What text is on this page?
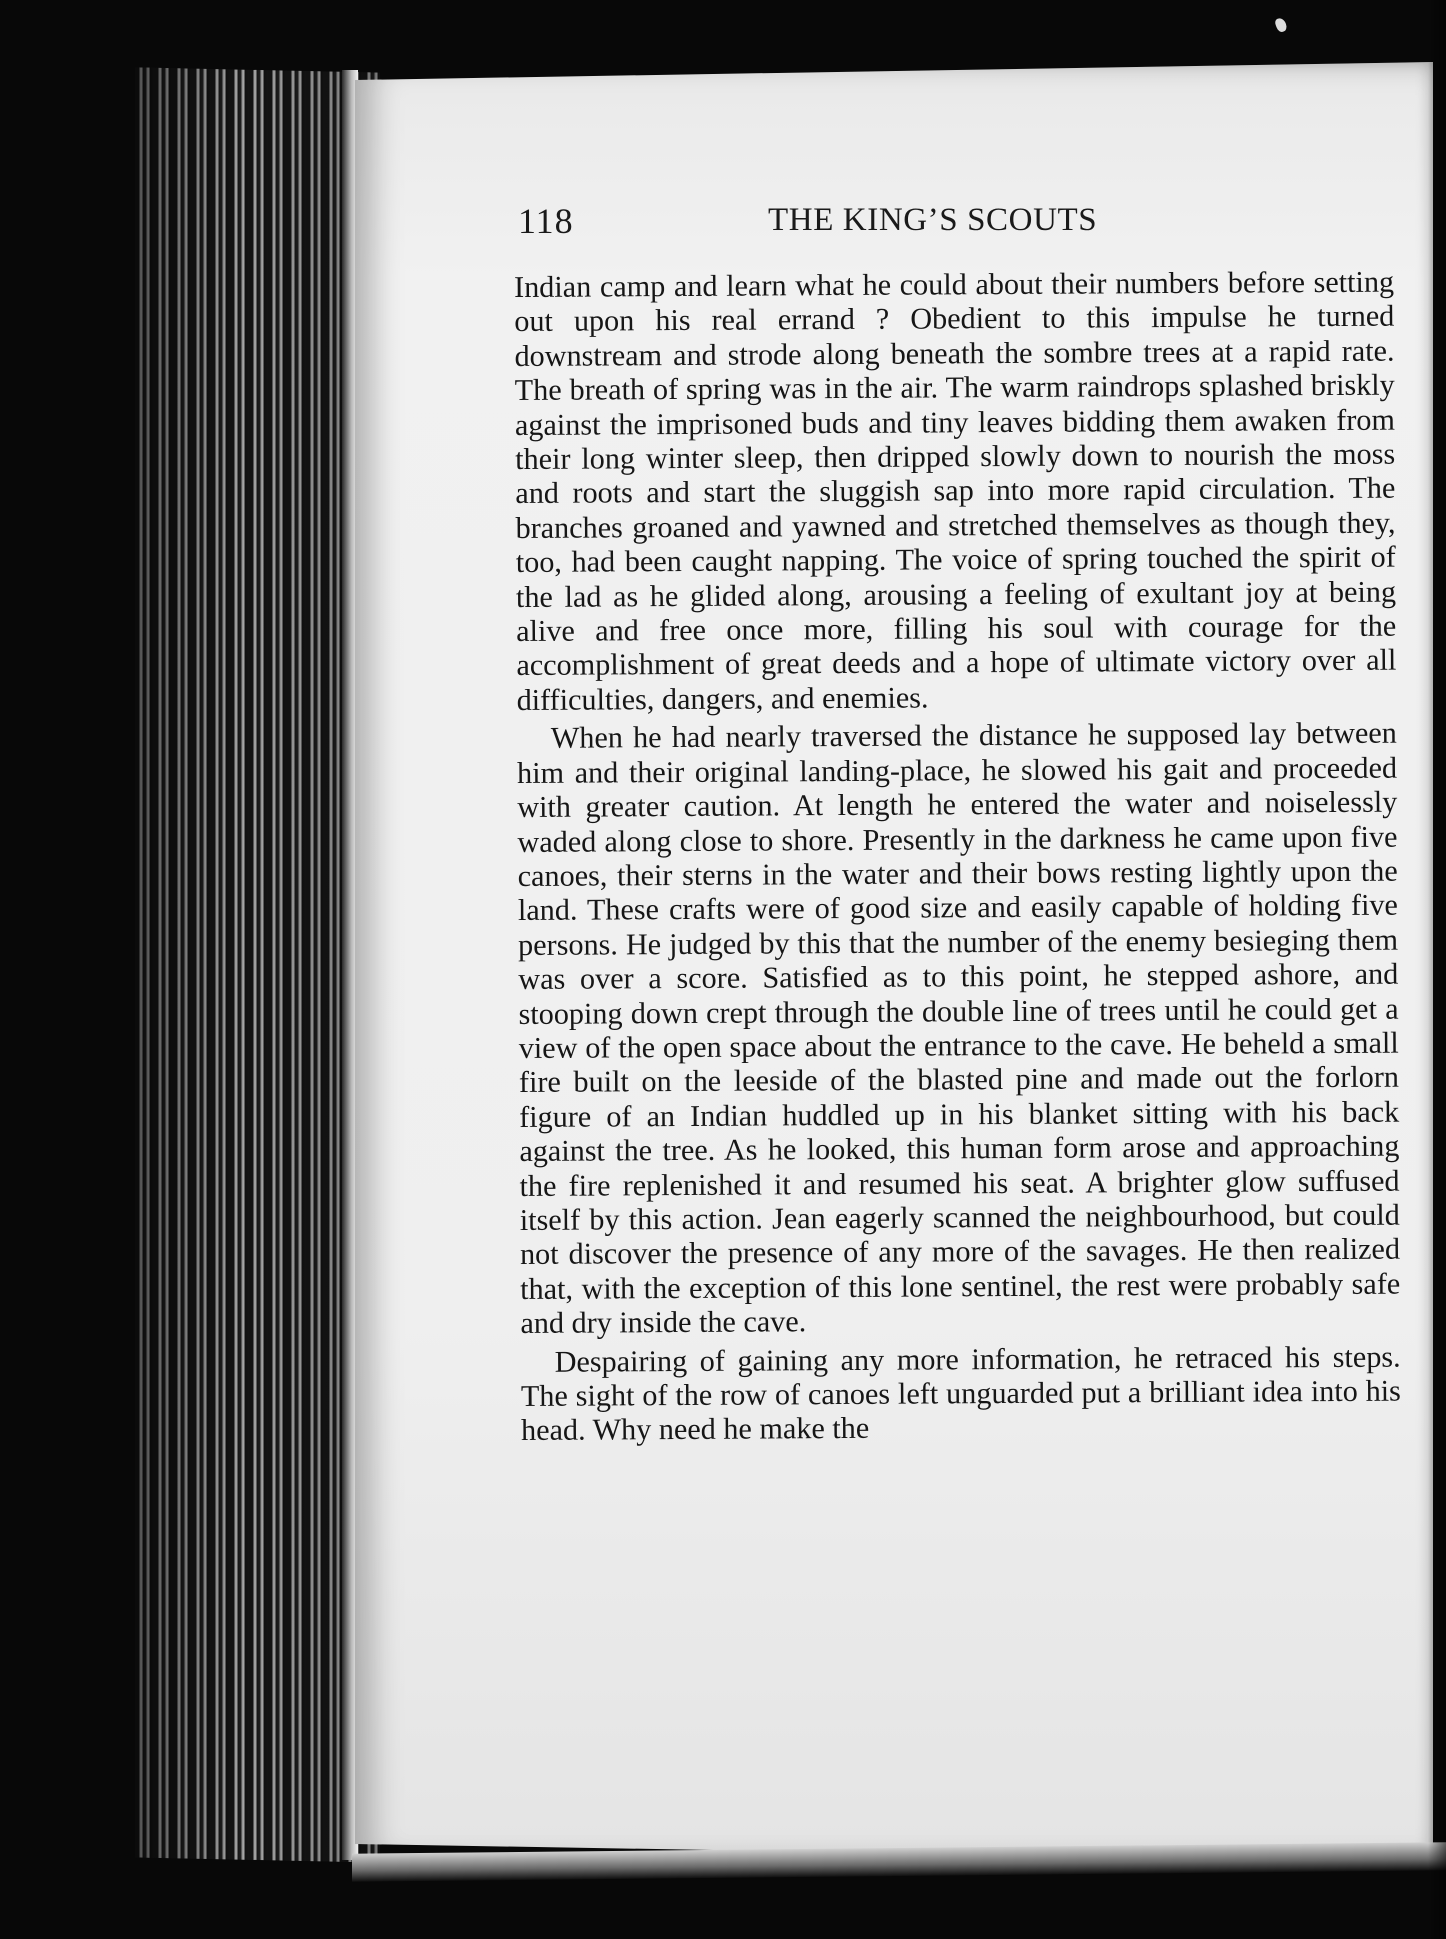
118	THE KING’S SCOUTS

Indian camp and learn what he could about their numbers before setting out upon his real errand ? Obedient to this impulse he turned downstream and strode along beneath the sombre trees at a rapid rate. The breath of spring was in the air. The warm raindrops splashed briskly against the imprisoned buds and tiny leaves bidding them awaken from their long winter sleep, then dripped slowly down to nourish the moss and roots and start the sluggish sap into more rapid circulation. The branches groaned and yawned and stretched themselves as though they, too, had been caught napping. The voice of spring touched the spirit of the lad as he glided along, arousing a feeling of exultant joy at being alive and free once more, filling his soul with courage for the accomplishment of great deeds and a hope of ultimate victory over all difficulties, dangers, and enemies.

When he had nearly traversed the distance he supposed lay between him and their original landing-place, he slowed his gait and proceeded with greater caution. At length he entered the water and noiselessly waded along close to shore. Presently in the darkness he came upon five canoes, their sterns in the water and their bows resting lightly upon the land. These crafts were of good size and easily capable of holding five persons. He judged by this that the number of the enemy besieging them was over a score. Satisfied as to this point, he stepped ashore, and stooping down crept through the double line of trees until he could get a view of the open space about the entrance to the cave. He beheld a small fire built on the leeside of the blasted pine and made out the forlorn figure of an Indian huddled up in his blanket sitting with his back against the tree. As he looked, this human form arose and approaching the fire replenished it and resumed his seat. A brighter glow suffused itself by this action. Jean eagerly scanned the neighbourhood, but could not discover the presence of any more of the savages. He then realized that, with the exception of this lone sentinel, the rest were probably safe and dry inside the cave.

Despairing of gaining any more information, he retraced his steps. The sight of the row of canoes left unguarded put a brilliant idea into his head. Why need he make the
